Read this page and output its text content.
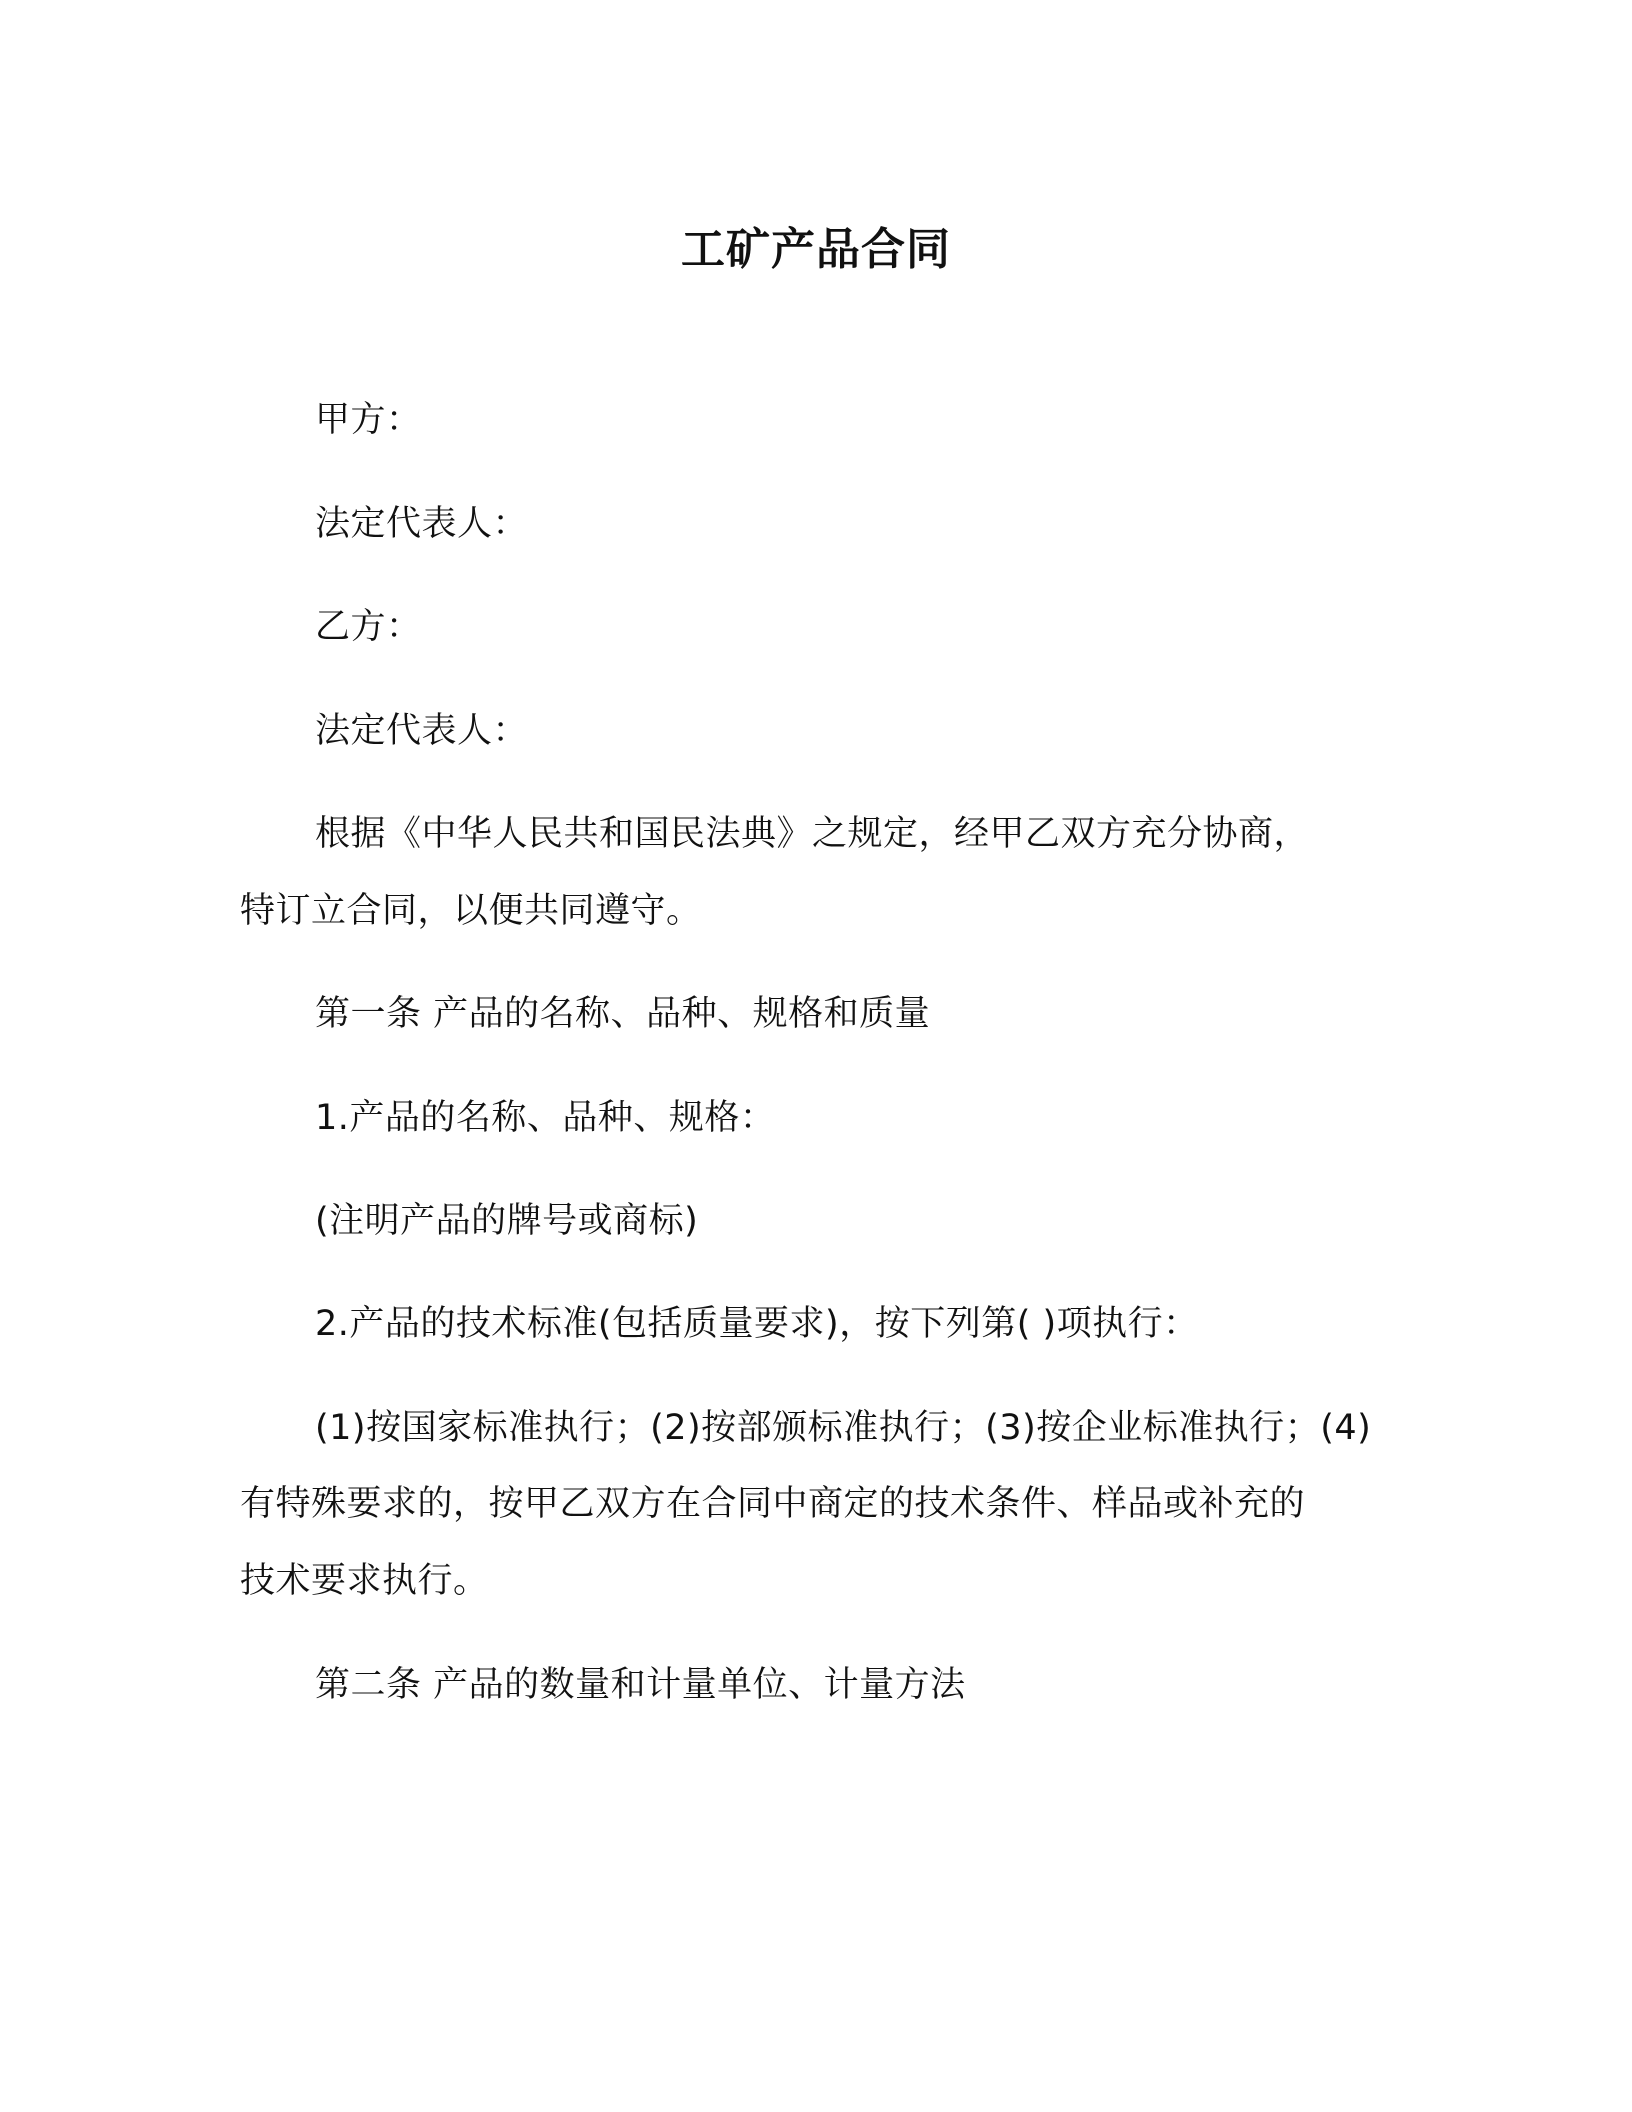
工矿产品合同
甲方：
法定代表人：
乙方：
法定代表人：
根据《中华人民共和国民法典》之规定，经甲乙双方充分协商，
特订立合同，以便共同遵守。
第一条 产品的名称、品种、规格和质量
1.产品的名称、品种、规格：
(注明产品的牌号或商标)
2.产品的技术标准(包括质量要求)，按下列第( )项执行：
(1)按国家标准执行；(2)按部颁标准执行；(3)按企业标准执行；(4)
有特殊要求的，按甲乙双方在合同中商定的技术条件、样品或补充的
技术要求执行。
第二条 产品的数量和计量单位、计量方法
